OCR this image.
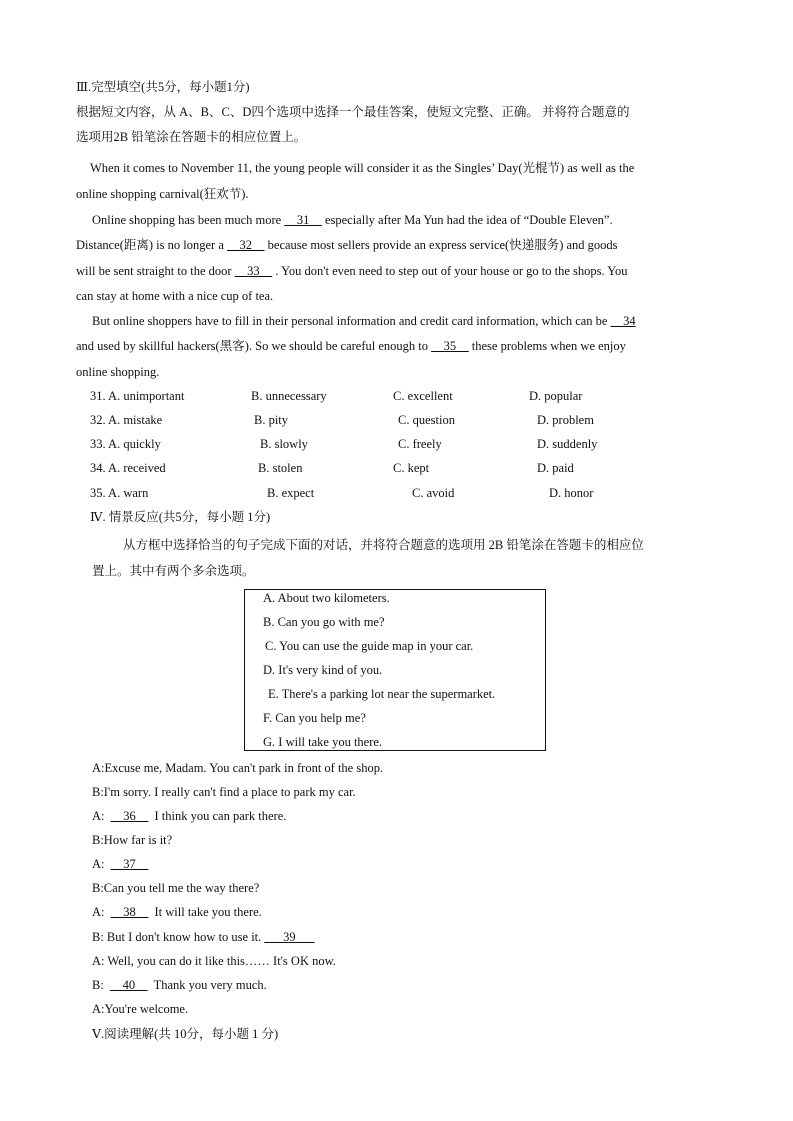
Ⅲ.完型填空(共5分，每小题1分)
根据短文内容，从 A、B、C、D四个选项中选择一个最佳答案，使短文完整、正确。 并将符合题意的
选项用2B 铅笔涂在答题卡的相应位置上。
When it comes to November 11, the young people will consider it as the Singles’ Day(光棍节) as well as the
online shopping carnival(狂欢节).
Online shopping has been much more __31__ especially after Ma Yun had the idea of “Double Eleven”.
Distance(距离) is no longer a __32__ because most sellers provide an express service(快递服务) and goods
will be sent straight to the door __33__ . You don't even need to step out of your house or go to the shops. You
can stay at home with a nice cup of tea.
But online shoppers have to fill in their personal information and credit card information, which can be __34
and used by skillful hackers(黑客). So we should be careful enough to __35__ these problems when we enjoy
online shopping.
31. A. unimportant	B. unnecessary	C. excellent	D. popular
32. A. mistake	B. pity	C. question	D. problem
33. A. quickly	B. slowly	C. freely	D. suddenly
34. A. received	B. stolen	C. kept	D. paid
35. A. warn	B. expect	C. avoid	D. honor
Ⅳ. 情景反应(共5分，每小题 1分)
从方框中选择恰当的句子完成下面的对话，并将符合题意的选项用 2B 铅笔涂在答题卡的相应位
置上。其中有两个多余选项。
A. About two kilometers.
B. Can you go with me?
C. You can use the guide map in your car.
D. It's very kind of you.
E. There's a parking lot near the supermarket.
F. Can you help me?
G. I will take you there.
A:Excuse me, Madam. You can't park in front of the shop.
B:I'm sorry. I really can't find a place to park my car.
A: __36__ I think you can park there.
B:How far is it?
A: __37__
B:Can you tell me the way there?
A: __38__ It will take you there.
B: But I don't know how to use it. ___39___
A: Well, you can do it like this…… It's OK now.
B: __40__ Thank you very much.
A:You're welcome.
Ⅴ.阅读理解(共 10分，每小题 1 分)
